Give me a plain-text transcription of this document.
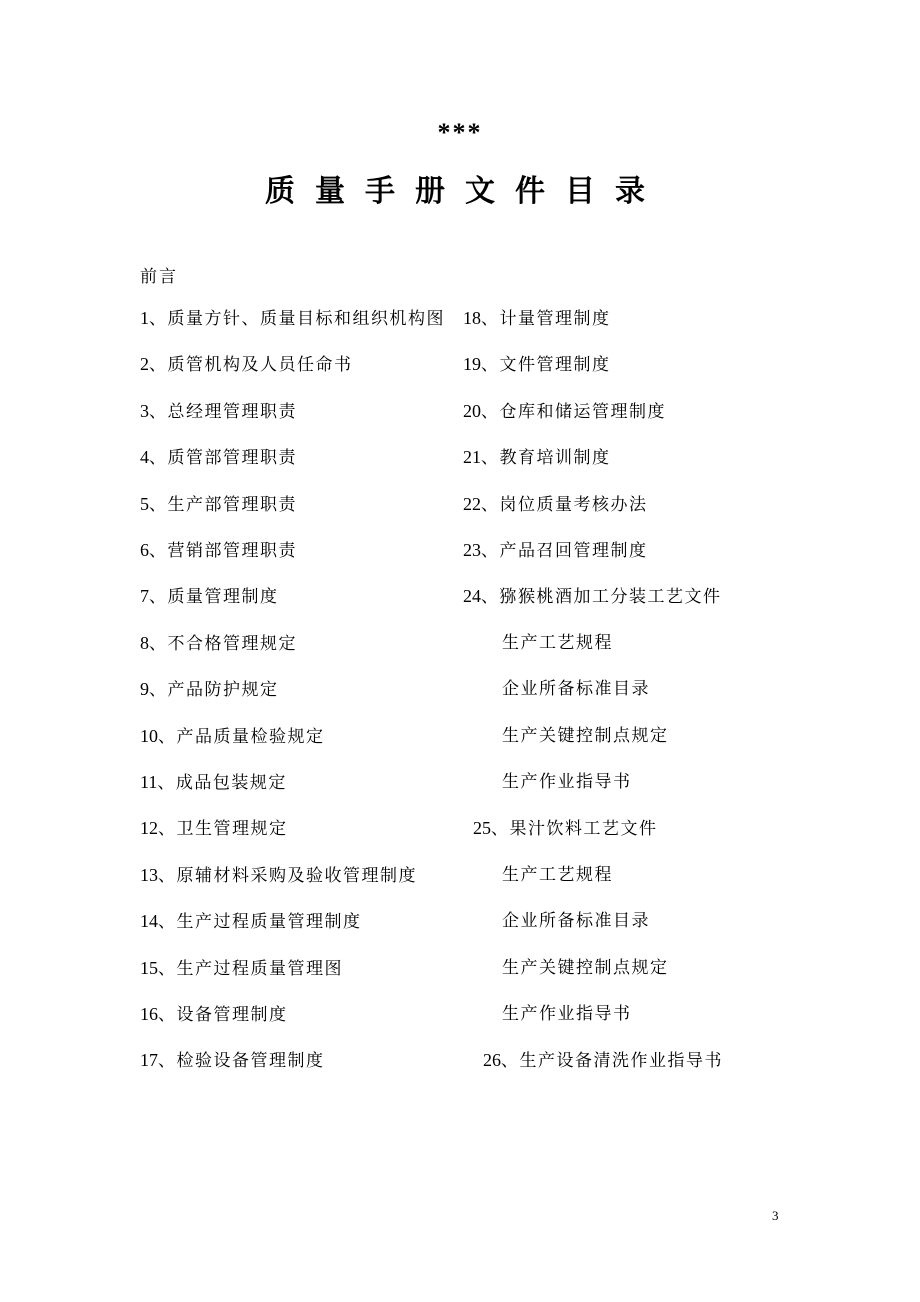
***
质量手册文件目录
前言
1、质量方针、质量目标和组织机构图
2、质管机构及人员任命书
3、总经理管理职责
4、质管部管理职责
5、生产部管理职责
6、营销部管理职责
7、质量管理制度
8、不合格管理规定
9、产品防护规定
10、产品质量检验规定
11、成品包装规定
12、卫生管理规定
13、原辅材料采购及验收管理制度
14、生产过程质量管理制度
15、生产过程质量管理图
16、设备管理制度
17、检验设备管理制度
18、计量管理制度
19、文件管理制度
20、仓库和储运管理制度
21、教育培训制度
22、岗位质量考核办法
23、产品召回管理制度
24、猕猴桃酒加工分装工艺文件
生产工艺规程
企业所备标准目录
生产关键控制点规定
生产作业指导书
25、果汁饮料工艺文件
生产工艺规程
企业所备标准目录
生产关键控制点规定
生产作业指导书
26、生产设备清洗作业指导书
3
